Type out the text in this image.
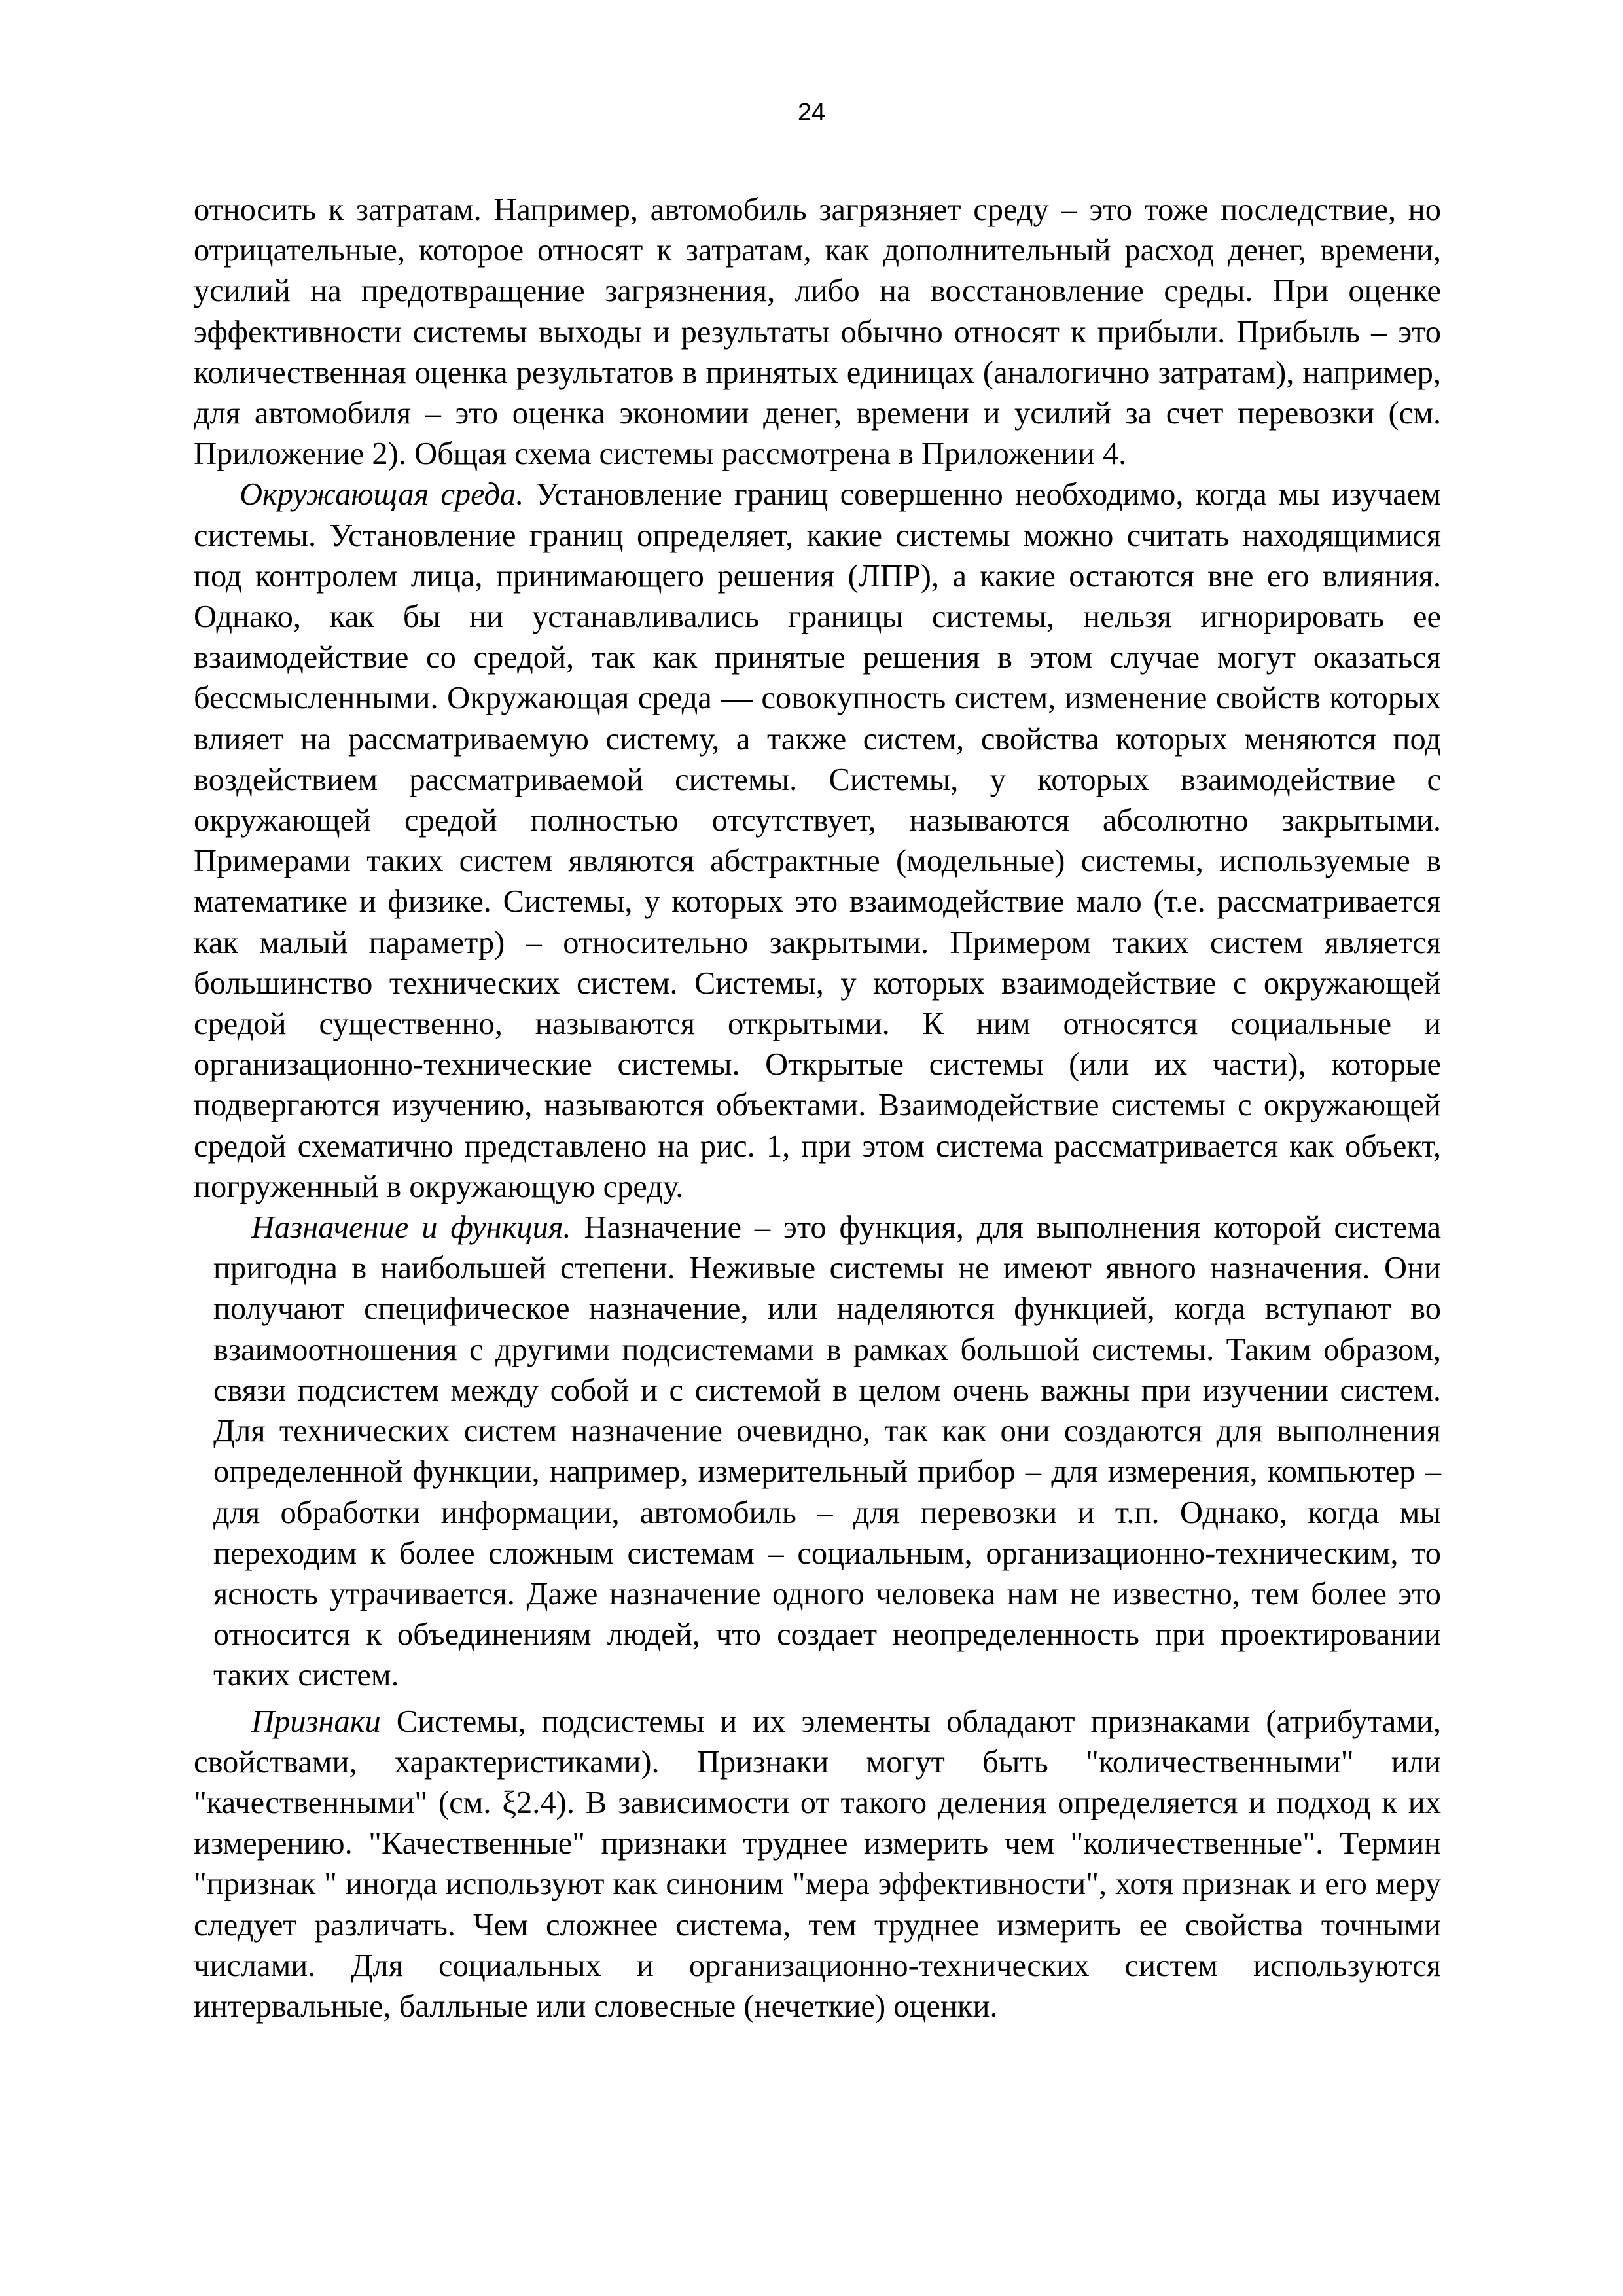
24

относить к затратам. Например, автомобиль загрязняет среду – это тоже последствие, но отрицательные, которое относят к затратам, как дополнительный расход денег, времени, усилий на предотвращение загрязнения, либо на восстановление среды. При оценке эффективности системы выходы и результаты обычно относят к прибыли. Прибыль – это количественная оценка результатов в принятых единицах (аналогично затратам), например, для автомобиля – это оценка экономии денег, времени и усилий за счет перевозки (см. Приложение 2). Общая схема системы рассмотрена в Приложении 4.

Окружающая среда. Установление границ совершенно необходимо, когда мы изучаем системы. Установление границ определяет, какие системы можно считать находящимися под контролем лица, принимающего решения (ЛПР), а какие остаются вне его влияния. Однако, как бы ни устанавливались границы системы, нельзя игнорировать ее взаимодействие со средой, так как принятые решения в этом случае могут оказаться бессмысленными. Окружающая среда — совокупность систем, изменение свойств которых влияет на рассматриваемую систему, а также систем, свойства которых меняются под воздействием рассматриваемой системы. Системы, у которых взаимодействие с окружающей средой полностью отсутствует, называются абсолютно закрытыми. Примерами таких систем являются абстрактные (модельные) системы, используемые в математике и физике. Системы, у которых это взаимодействие мало (т.е. рассматривается как малый параметр) – относительно закрытыми. Примером таких систем является большинство технических систем. Системы, у которых взаимодействие с окружающей средой существенно, называются открытыми. К ним относятся социальные и организационно-технические системы. Открытые системы (или их части), которые подвергаются изучению, называются объектами. Взаимодействие системы с окружающей средой схематично представлено на рис. 1, при этом система рассматривается как объект, погруженный в окружающую среду.

Назначение и функция. Назначение – это функция, для выполнения которой система пригодна в наибольшей степени. Неживые системы не имеют явного назначения. Они получают специфическое назначение, или наделяются функцией, когда вступают во взаимоотношения с другими подсистемами в рамках большой системы. Таким образом, связи подсистем между собой и с системой в целом очень важны при изучении систем. Для технических систем назначение очевидно, так как они создаются для выполнения определенной функции, например, измерительный прибор – для измерения, компьютер – для обработки информации, автомобиль – для перевозки и т.п. Однако, когда мы переходим к более сложным системам – социальным, организационно-техническим, то ясность утрачивается. Даже назначение одного человека нам не известно, тем более это относится к объединениям людей, что создает неопределенность при проектировании таких систем.

Признаки Системы, подсистемы и их элементы обладают признаками (атрибутами, свойствами, характеристиками). Признаки могут быть "количественными" или "качественными" (см. ξ2.4). В зависимости от такого деления определяется и подход к их измерению. "Качественные" признаки труднее измерить чем "количественные". Термин "признак " иногда используют как синоним "мера эффективности", хотя признак и его меру следует различать. Чем сложнее система, тем труднее измерить ее свойства точными числами. Для социальных и организационно-технических систем используются интервальные, балльные или словесные (нечеткие) оценки.
